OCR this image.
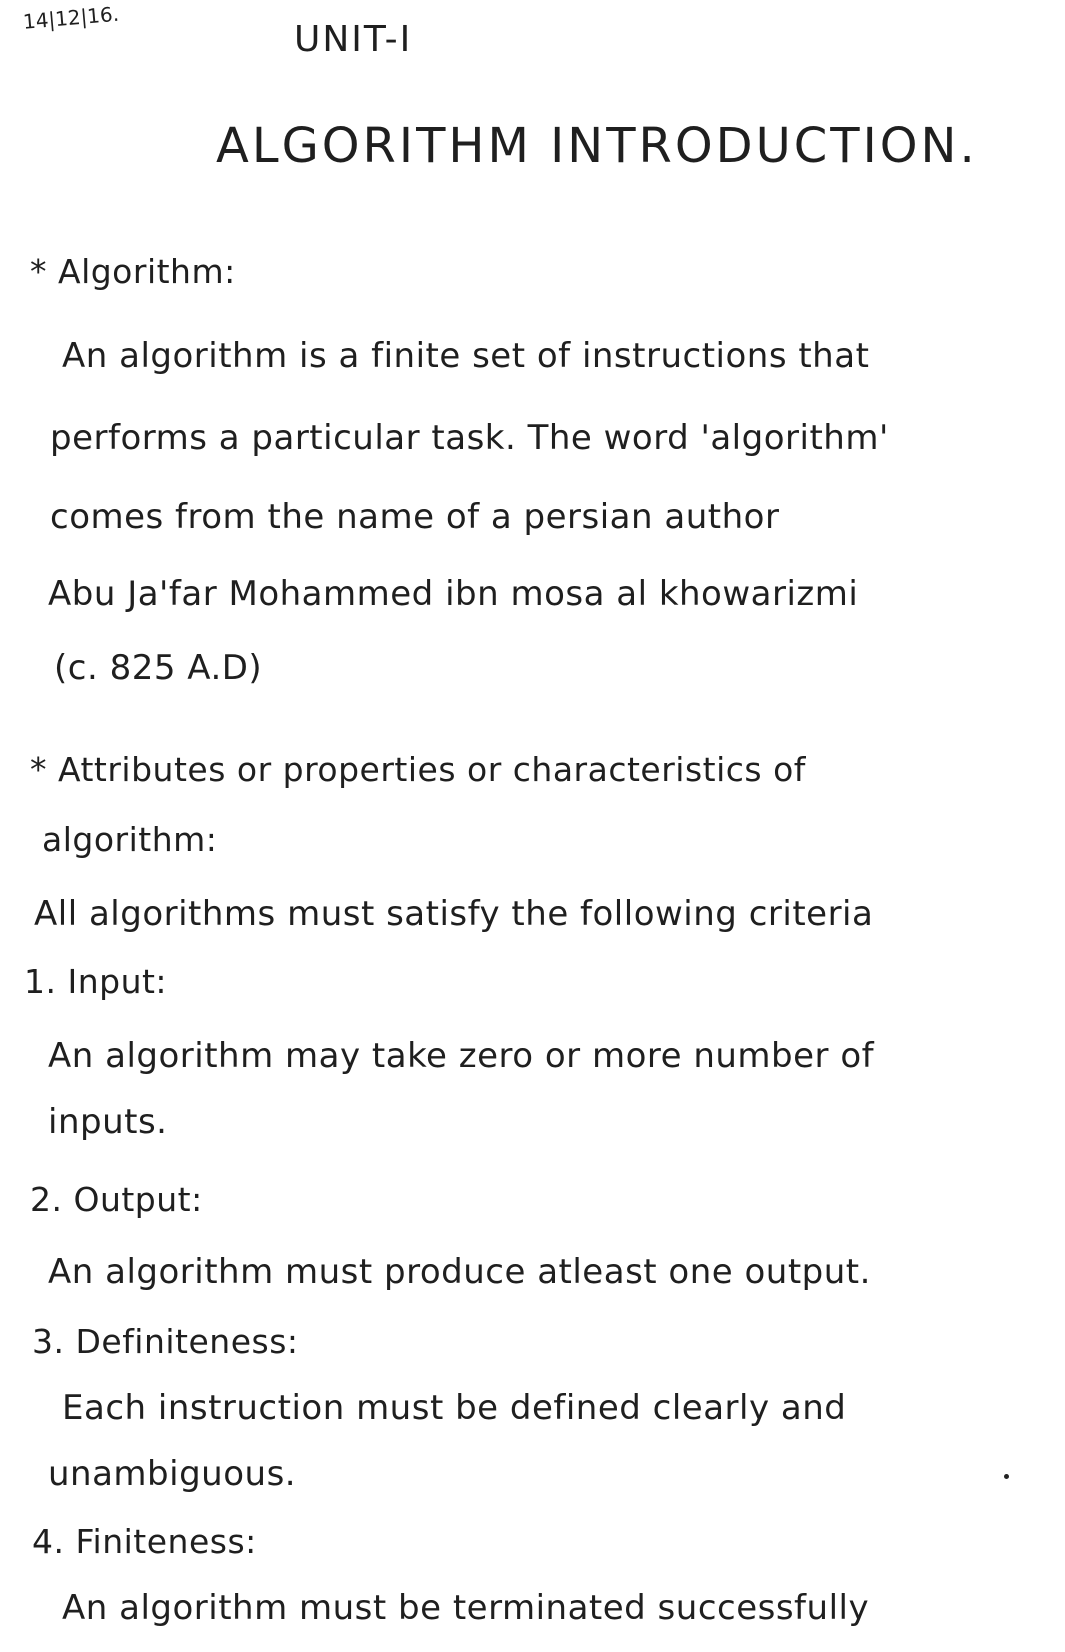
14|12|16.
UNIT-I
ALGORITHM INTRODUCTION.
* Algorithm:
An algorithm is a finite set of instructions that
performs a particular task. The word 'algorithm'
comes from the name of a persian author
Abu Ja'far Mohammed ibn mosa al khowarizmi
(c. 825 A.D)
* Attributes or properties or characteristics of
algorithm:
All algorithms must satisfy the following criteria
1. Input:
An algorithm may take zero or more number of
inputs.
2. Output:
An algorithm must produce atleast one output.
3. Definiteness:
Each instruction must be defined clearly and
unambiguous.
4. Finiteness:
An algorithm must be terminated successfully
